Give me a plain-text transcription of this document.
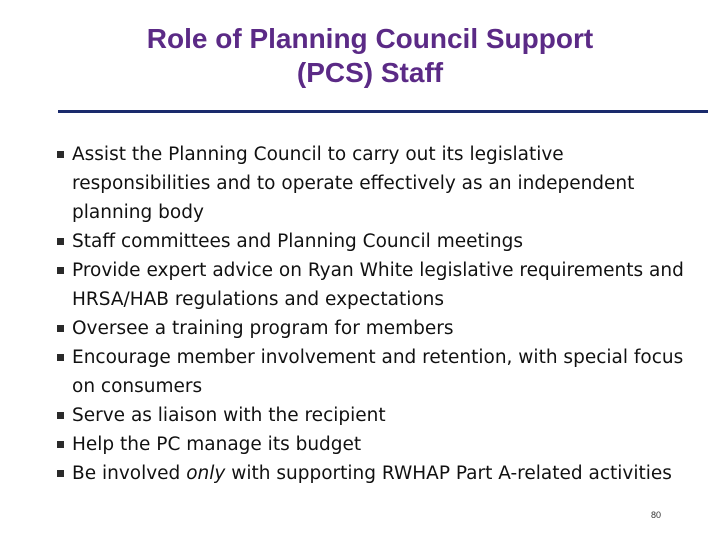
Role of Planning Council Support
(PCS) Staff
Assist the Planning Council to carry out its legislative responsibilities and to operate effectively as an independent planning body
Staff committees and Planning Council meetings
Provide expert advice on Ryan White legislative requirements and HRSA/HAB regulations and expectations
Oversee a training program for members
Encourage member involvement and retention, with special focus on consumers
Serve as liaison with the recipient
Help the PC manage its budget
Be involved only with supporting RWHAP Part A-related activities
80
